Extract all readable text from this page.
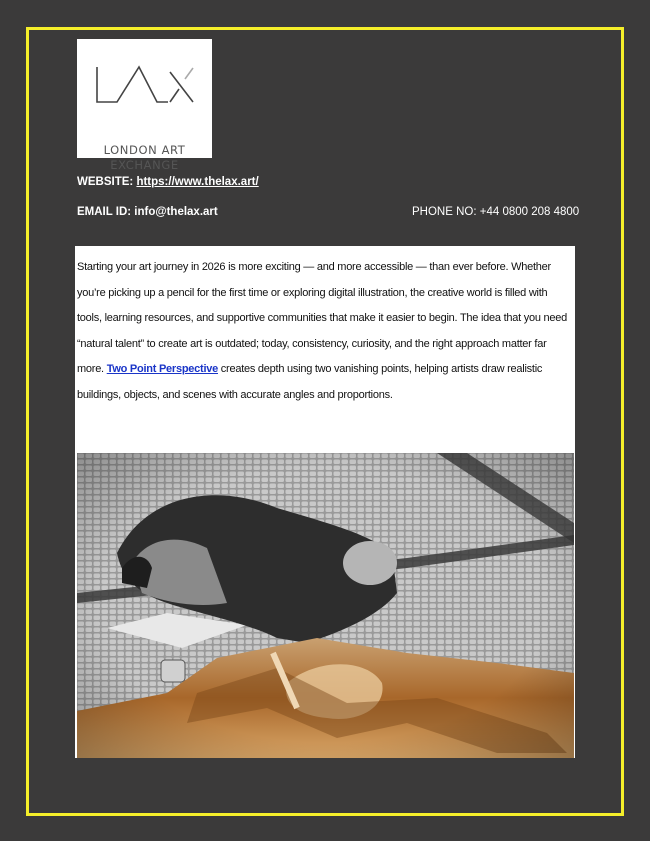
LONDON ART
EXCHANGE
WEBSITE: https://www.thelax.art/
EMAIL ID: info@thelax.art	PHONE NO: +44 0800 208 4800

Starting your art journey in 2026 is more exciting — and more accessible — than ever before. Whether you’re picking up a pencil for the first time or exploring digital illustration, the creative world is filled with tools, learning resources, and supportive communities that make it easier to begin. The idea that you need “natural talent” to create art is outdated; today, consistency, curiosity, and the right approach matter far more. Two Point Perspective creates depth using two vanishing points, helping artists draw realistic buildings, objects, and scenes with accurate angles and proportions.
